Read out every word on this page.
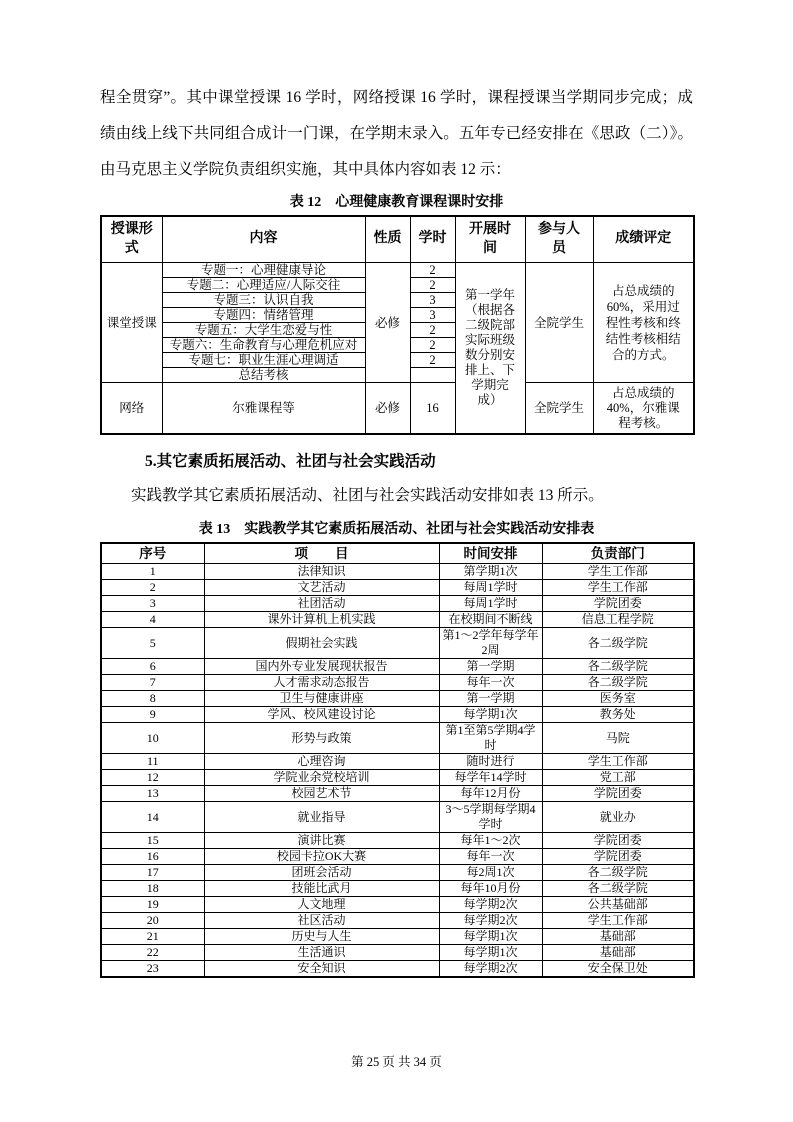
程全贯穿”。其中课堂授课 16 学时，网络授课 16 学时，课程授课当学期同步完成；成绩由线上线下共同组合成计一门课，在学期末录入。五年专已经安排在《思政（二）》。由马克思主义学院负责组织实施，其中具体内容如表 12 示：

表 12　心理健康教育课程课时安排
授课形式	内容	性质	学时	开展时间	参与人员	成绩评定
课堂授课	专题一：心理健康导论	必修	2	第一学年（根据各二级院部实际班级数分别安排上、下学期完成）	全院学生	占总成绩的60%，采用过程性考核和终结性考核相结合的方式。
	专题二：心理适应/人际交往		2			
	专题三：认识自我		3			
	专题四：情绪管理		3			
	专题五：大学生恋爱与性		2			
	专题六：生命教育与心理危机应对		2			
	专题七：职业生涯心理调适		2			
	总结考核					
网络	尔雅课程等	必修	16		全院学生	占总成绩的40%，尔雅课程考核。
5.其它素质拓展活动、社团与社会实践活动

实践教学其它素质拓展活动、社团与社会实践活动安排如表 13 所示。

表 13　实践教学其它素质拓展活动、社团与社会实践活动安排表
序号	项　　目	时间安排	负责部门
1	法律知识	第学期1次	学生工作部
2	文艺活动	每周1学时	学生工作部
3	社团活动	每周1学时	学院团委
4	课外计算机上机实践	在校期间不断线	信息工程学院
5	假期社会实践	第1～2学年每学年2周	各二级学院
6	国内外专业发展现状报告	第一学期	各二级学院
7	人才需求动态报告	每年一次	各二级学院
8	卫生与健康讲座	第一学期	医务室
9	学风、校风建设讨论	每学期1次	教务处
10	形势与政策	第1至第5学期4学时	马院
11	心理咨询	随时进行	学生工作部
12	学院业余党校培训	每学年14学时	党工部
13	校园艺术节	每年12月份	学院团委
14	就业指导	3～5学期每学期4学时	就业办
15	演讲比赛	每年1～2次	学院团委
16	校园卡拉OK大赛	每年一次	学院团委
17	团班会活动	每2周1次	各二级学院
18	技能比武月	每年10月份	各二级学院
19	人文地理	每学期2次	公共基础部
20	社区活动	每学期2次	学生工作部
21	历史与人生	每学期1次	基础部
22	生活通识	每学期1次	基础部
23	安全知识	每学期2次	安全保卫处
第 25 页 共 34 页
